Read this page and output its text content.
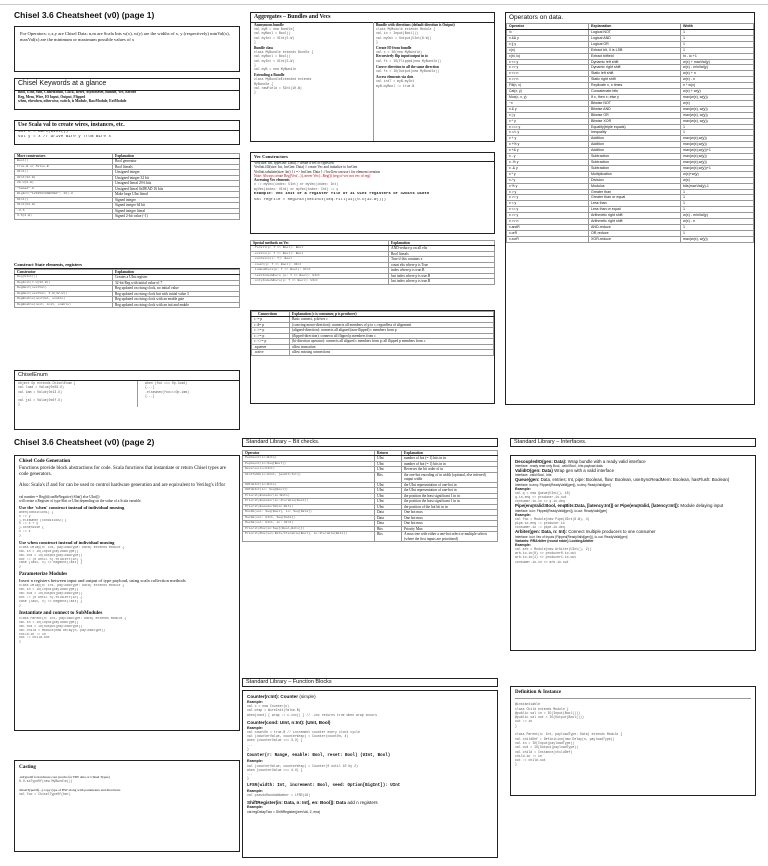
Chisel 3.6 Cheatsheet (v0) (page 1)
For Operators: c,x,y are Chisel Data; n,m are Scala Ints w(x), w(y) are the widths of x, y (respectively) minVal(x), maxVal(x) are the minimum or maximum possible values of x
Chisel Keywords at a glance
Bool, UInt, SInt, ChiselEnum, Clock, Reset, AsyncReset, Bundle, Vec, Record
Reg, Mem, Wire, IO Input, Output, Flipped
when, elsewhen, otherwise, switch, is Module, RawModule, ExtModule
Use Scala val to create wires, instances, etc.
val x = Wire(UInt())
val y = x // drive wire y from wire x
More constructors	Explanation
Bool()	Bool generator
true.B or false.B	Bool literals
UInt()	Unsigned integer
UInt(32.W)	Unsigned integer 32 bit
29.U(8.W)	Unsigned literal 29 6 bits
"hdead".U	Unsigned literal 0xDEAD 16 bits
BigInt("12345678ABCDEF", 16).U	Make large UInt literal
SInt()	Signed integer
SInt(64.W)	Signed integer 64 bit
-3.S	Signed integer literal
3.S(2.W)	Signed 2-bit value (-1)
Construct State elements, registers
Constructor	Explanation
Reg(UInt())	Creates a UInt register
RegInit(7.U(32.W))	32-bit Reg with initial value of 7
RegNext(nextVal)	Reg updated on rising clock, no initial value
RegNext(nextVal, 3.U(32.W))	Reg updated on rising clock but with initial value 3
RegEnable(nextVal, enable)	Reg updated on rising clock with an enable gate
RegEnable(next, init, enable)	Reg updated on rising clock with an init and enable
ChiselEnum
object Op extends ChiselEnum {
val load = Value(0x03.U)
val imm = Value(0x13.U)
. . .
val jal = Value(0x6f.U)
}
when (foo === Op.load)
{...}
.elsewhen(foo===Op.imm)
{...}
Aggregates – Bundles and Vecs
Anonymous bundle
val myB = new Bundle{
val myBool = Bool()
val myInt = UInt(5.W)
}
Bundle class
class MyBundle extends Bundle {
val myBool = Bool()
val myInt = UInt(5.W)
}
val myB = new MyBundle
Extending a Bundle
class MyBundleExtended extends
MyBundle {
val newField = SInt(10.W)
}
Bundle with directions (default direction is Output)
class MyModule extends Module {
val io = Input(Bool())
val myOut = Output(UInt(8.W))
}
Create IO from bundle
val x = IO(new MyBundle)
Recursively flip input/output in io
val fx = IO(Flipped(new MyBundle))
Coerce direction to all the same direction
val fx = IO(Output(new MyBundle))
Access elements via dots
val intT = myB.myInt
myB.myBool := true.B
Vec Constructors
Vec(size: Int, typeGen: Data) // create a vec of typeGen
VecInit.fill(size: Int, hwGen: Data) // create Vec and initialize to hwGen
VecInit.tabulate(size: Int) { i => hwGen: Data } // hwGen can use i for element creation
Note: Always create Reg(Vec(...)), never Vec(...Reg()) (reg of vec not vec of reg)
Accessing Vec elements
x := myVec(index: UInt) or myVec(index: Int)
myVec(index: UInt) or myVec(index: Int) := y
Example: vec init of a register file of 31 UInt registers of 32bits width
val regfile = RegInit(VecInit(Seq.fill(31)(0.U(32.W))))
Special methods on Vec	Explanation
.forall(p: T => Bool): Bool	AND-reduce p on all elts
.exists(p: T => Bool): Bool	Bool literals
.contains(x: T): Bool	True if this contains x
.count(p: T => Bool): UInt	count elts where p is True
.indexWhere(p: T => Bool): UInt	index where p is true.B
.lastIndexWhere (p: T => Bool): UInt	last index where p is true.B
.onlyIndexWhere(p: T => Bool): UInt	last index where p is true.B
Connections	Explanation (c is consumer, p is producer)
c := p	Basic connect, p drives c
c :#= p	(coercing mono-direction): connects all members of p to c; regardless of alignment
c :<= p	(aligned-direction): connects all aligned (non-flipped) c members from p
c :>= p	(flipped-direction): connects all flipped p members from c
c :<>= p	(bi-direction operator): connects all aligned c members from p; all flipped p members from c
.squeeze	allow truncation
.waive	allow missing connections
Operators on data.
Operator	Explanation	Width
!x	Logical NOT	1
x && y	Logical AND	1
x || y	Logical OR	1
x(n)	Extract bit, 0 is LSB	1
x(hi, lo)	Extract bitfield	hi - lo +1
x << y	Dynamic left shift	w(x) + maxVal(y)
x >> y	Dynamic right shift	w(x) - minVal(y)
x << n	Static left shift	w(x) + n
x >> n	Static right shift	w(x) - n
Fill(n, x)	Replicate x, n times	n * w(x)
Cat(x, y)	Concatenate bits	w(x) + w(y)
Mux(c, x, y)	If c, then x; else y	max(w(x), w(y))
~x	Bitwise NOT	w(x)
x & y	Bitwise AND	max(w(x), w(y))
x | y	Bitwise OR	max(w(x), w(y))
x ^ y	Bitwise XOR	max(w(x), w(y))
x === y	Equality(triple equals)	1
x =/= y	Inequality	1
x + y	Addition	max(w(x),w(y))
x +% y	Addition	max(w(x),w(y))
x +& y	Addition	max(w(x),w(y))+1
x - y	Subtraction	max(w(x),w(y))
x -% y	Subtraction	max(w(x),w(y))
x -& y	Subtraction	max(w(x),w(y))+1
x * y	Multiplication	w(x)+w(y)
x / y	Division	w(x)
x % y	Modulus	bits(maxVal(y)-1
x > y	Greater than	1
x >= y	Greater than or equal	1
x < y	Less than	1
x <= y	Less than or equal	1
x >> y	Arithmetic right shift	w(x) - minVal(y)
x >> n	Arithmetic right shift	w(x) - n
x.andR	AND-reduce	1
x.orR	OR-reduce	1
x.xorR	XOR-reduce	max(w(x), w(y))
Chisel 3.6 Cheatsheet (v0) (page 2)
Chisel Code Generation
Functions provide block abstractions for code. Scala functions that instantiate or return Chisel types are code generators.
Also: Scala's if and for can be used to control hardware generation and are equivalent to Verilog's if/for
val number = Reg(if(canBeNegative) SInt() else UInt())
will create a Register of type SInt or UInt depending on the value of a Scala variable.
Use the 'when' construct instead of individual muxing
when(condition1) {
x := y
}.elsewhen (condition2) {
x := x + y
}.otherwise {
x := z
}
Use when construct instead of individual muxing
class Delay(n: Int, payloadType: Data) extends Module {
val in = IO(Input(payloadType))
val out = IO(Output(payloadType))
out := (0 until n).foldLeft(in) {
case (last, x) => RegNext(last) }
}
Parameterize Modules
Insert n registers between input and output of type payload, using scala collection methods
class Delay(n: Int, payloadType: Data) extends Module {
val in = IO(Input(payloadType))
val out = IO(Output(payloadType))
out := (0 until n).foldLeft(in) {
case (last, x) => RegNext(last) }
}
Instantiate and connect to SubModules
class Parent(n: Int, payloadType: Data) extends Module {
val in = IO(Input(payloadType))
val out = IO(Output(payloadType))
val child = Module(new Delay(n, payloadType))
child.in := in
out := child.out
}
Casting
.asTypeOf is hardware cast (works for HW data or Chisel Types)
0.U.asTypeOf(new MyBundle())

chiselTypeOf(...) copy type of HW along with parameters and directions
val foo = ChiselTypeOf(bar)
Standard Library – Bit checks.
Operator	Return	Explanation
PopCount(in:Bits)	UInt	number of hot (= 1) bits in in
PopCount(in:Seq[Bool])	UInt	number of hot (= 1) bits in in
Reverse(in:UInt)	UInt	Reverses the bit order of in
UIntToOH(in:UInt, [width:Int])	Bits	the one-hot encoding of in width (optional, else inferred) output width
OHToUInt(in:Bits)	UInt	the UInt representation of one-hot in
OHToUInt(in: Seq[Bool])	UInt	the UInt representation of one-hot in
PriorityEncoder(in:Bits)	UInt	the position the least significant 1 in in
PriorityEncoder(in:Iterable[Bool])	UInt	the position the least significant 1 in in
PriorityEncoderOH(in:Bits)	UInt	the position of the hot bit in in
Mux1H(sel: Seq[Bool], in: Seq[Data])	Data	One hot mux
Mux1H(sel: UInt, Seq[Data])	Data	One hot mux
Mux1H(sel: UInt, in: UInt)	Data	One hot mux
PriorityMux(in:Seq[(Bool,Bits)])	Bits	Priority Mux
PriorityMux(sel:Bits/Iterable[Bool], in:Iterable[Bits])	Bits	A mux tree with either a one-hot select or multiple selects (where the first inputs are prioritized)
Standard Library – Function Blocks
Counter(n:Int): Counter (simple)
Example:
val c = new Counter(n)
val wrap = WireInit(false.B)
when(cond) { wrap := c.inc() } // .inc returns true when wrap occurs
Counter(cond: UInt, n:Int): (UInt, Bool)
Example:
val countOn = true.B // increment counter every clock cycle
val (counterValue, counterWrap) = Counter(countOn, 4)
when (counterValue === 3.U) {
...
}
Counter(r: Range, enable: Bool, reset: Bool) (UInt, Bool)
Example:
val (counterValue, counterWrap) = Counter(0 until 10 by 2)
when (counterValue === 4.U) {
...
}
LFSR(width: Int, increment: Bool, seed: Option[BigInt]): UInt
Example:
val pseudoRandomNumber = LFSR(16)
ShiftRegister(in: Data, n: Int[, en: Bool]): Data add n registers
Example:
val regDelayTwo = ShiftRegister(prevVal, 2, ena)
Standard Library – Interfaces.
DecoupledIO(gen: Data): Wrap bundle with a ready valid interface
Interface: .ready read only Bool, .valid Bool, .bits payload data
ValidIO(gen: Data) Wrap gen with a valid interface
Interface: .valid Bool, .bits
Queue(gen: Data, entries: Int, pipe: Boolean, flow: Boolean, useSyncReadMem: Boolean, hasFlush: Boolean)
Interface: io.enq: Flipped(ReadyValid[gen]), io.deq: ReadyValid[gen]
Example:
val q = new Queue(UInt(), 16)
q.io.enq <> producer.io.out
consumer.io.in <> q.io.deq
Pipe(enqValid:Bool, enqBits:Data, [latency:Int]) or Pipe(enqValid, [latency:Int]): Module delaying input
Interface: io.in: Flipped(ReadyValid[gen]), io.out: ReadyValid[gen]
Example:
val foo = Module(new Pipe(UInt(8.W), 4)
pipe.io.enq := producer.io
consumer.io := pipe.io.deq
Arbiter(gen: Data, n: Int): Connect multiple producers to one consumer
Interface: io.in Vec of inputs (Flipped(ReadyValid[gen])), io.out: ReadyValid[gen]
Variants: RRArbiter (round robin) LockingArbiter
Example:
val arb = Module(new Arbiter(UInt(), 2))
arb.io.in(0) <> producer0.io.out
arb.io.in(1) <> producer1.io.out
consumer.io.in <> arb.io.out
Definition & Instance
@instantiable
class Child extends Module {
@public val in = IO(Input(Bool()))
@public val out = IO(Output(Bool()))
out := in
}

class Parent(n: Int, payloadType: Data) extends Module {
val childDef = Definition(new Delay(n, payloadType))
val in = IO(Input(payloadType))
val out = IO(Output(payloadType))
val child = Instance(childDef)
child.in := in
out := child.out
}
